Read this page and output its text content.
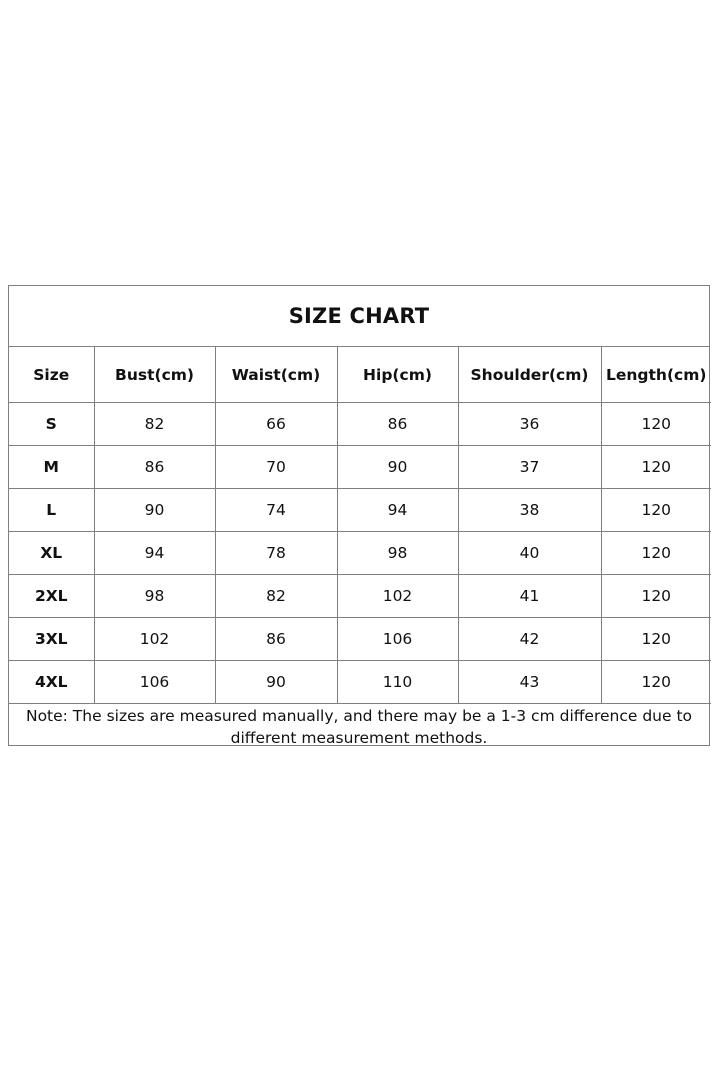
SIZE CHART
Size	Bust(cm)	Waist(cm)	Hip(cm)	Shoulder(cm)	Length(cm)
S	82	66	86	36	120
M	86	70	90	37	120
L	90	74	94	38	120
XL	94	78	98	40	120
2XL	98	82	102	41	120
3XL	102	86	106	42	120
4XL	106	90	110	43	120
Note: The sizes are measured manually, and there may be a 1-3 cm difference due to different measurement methods.
